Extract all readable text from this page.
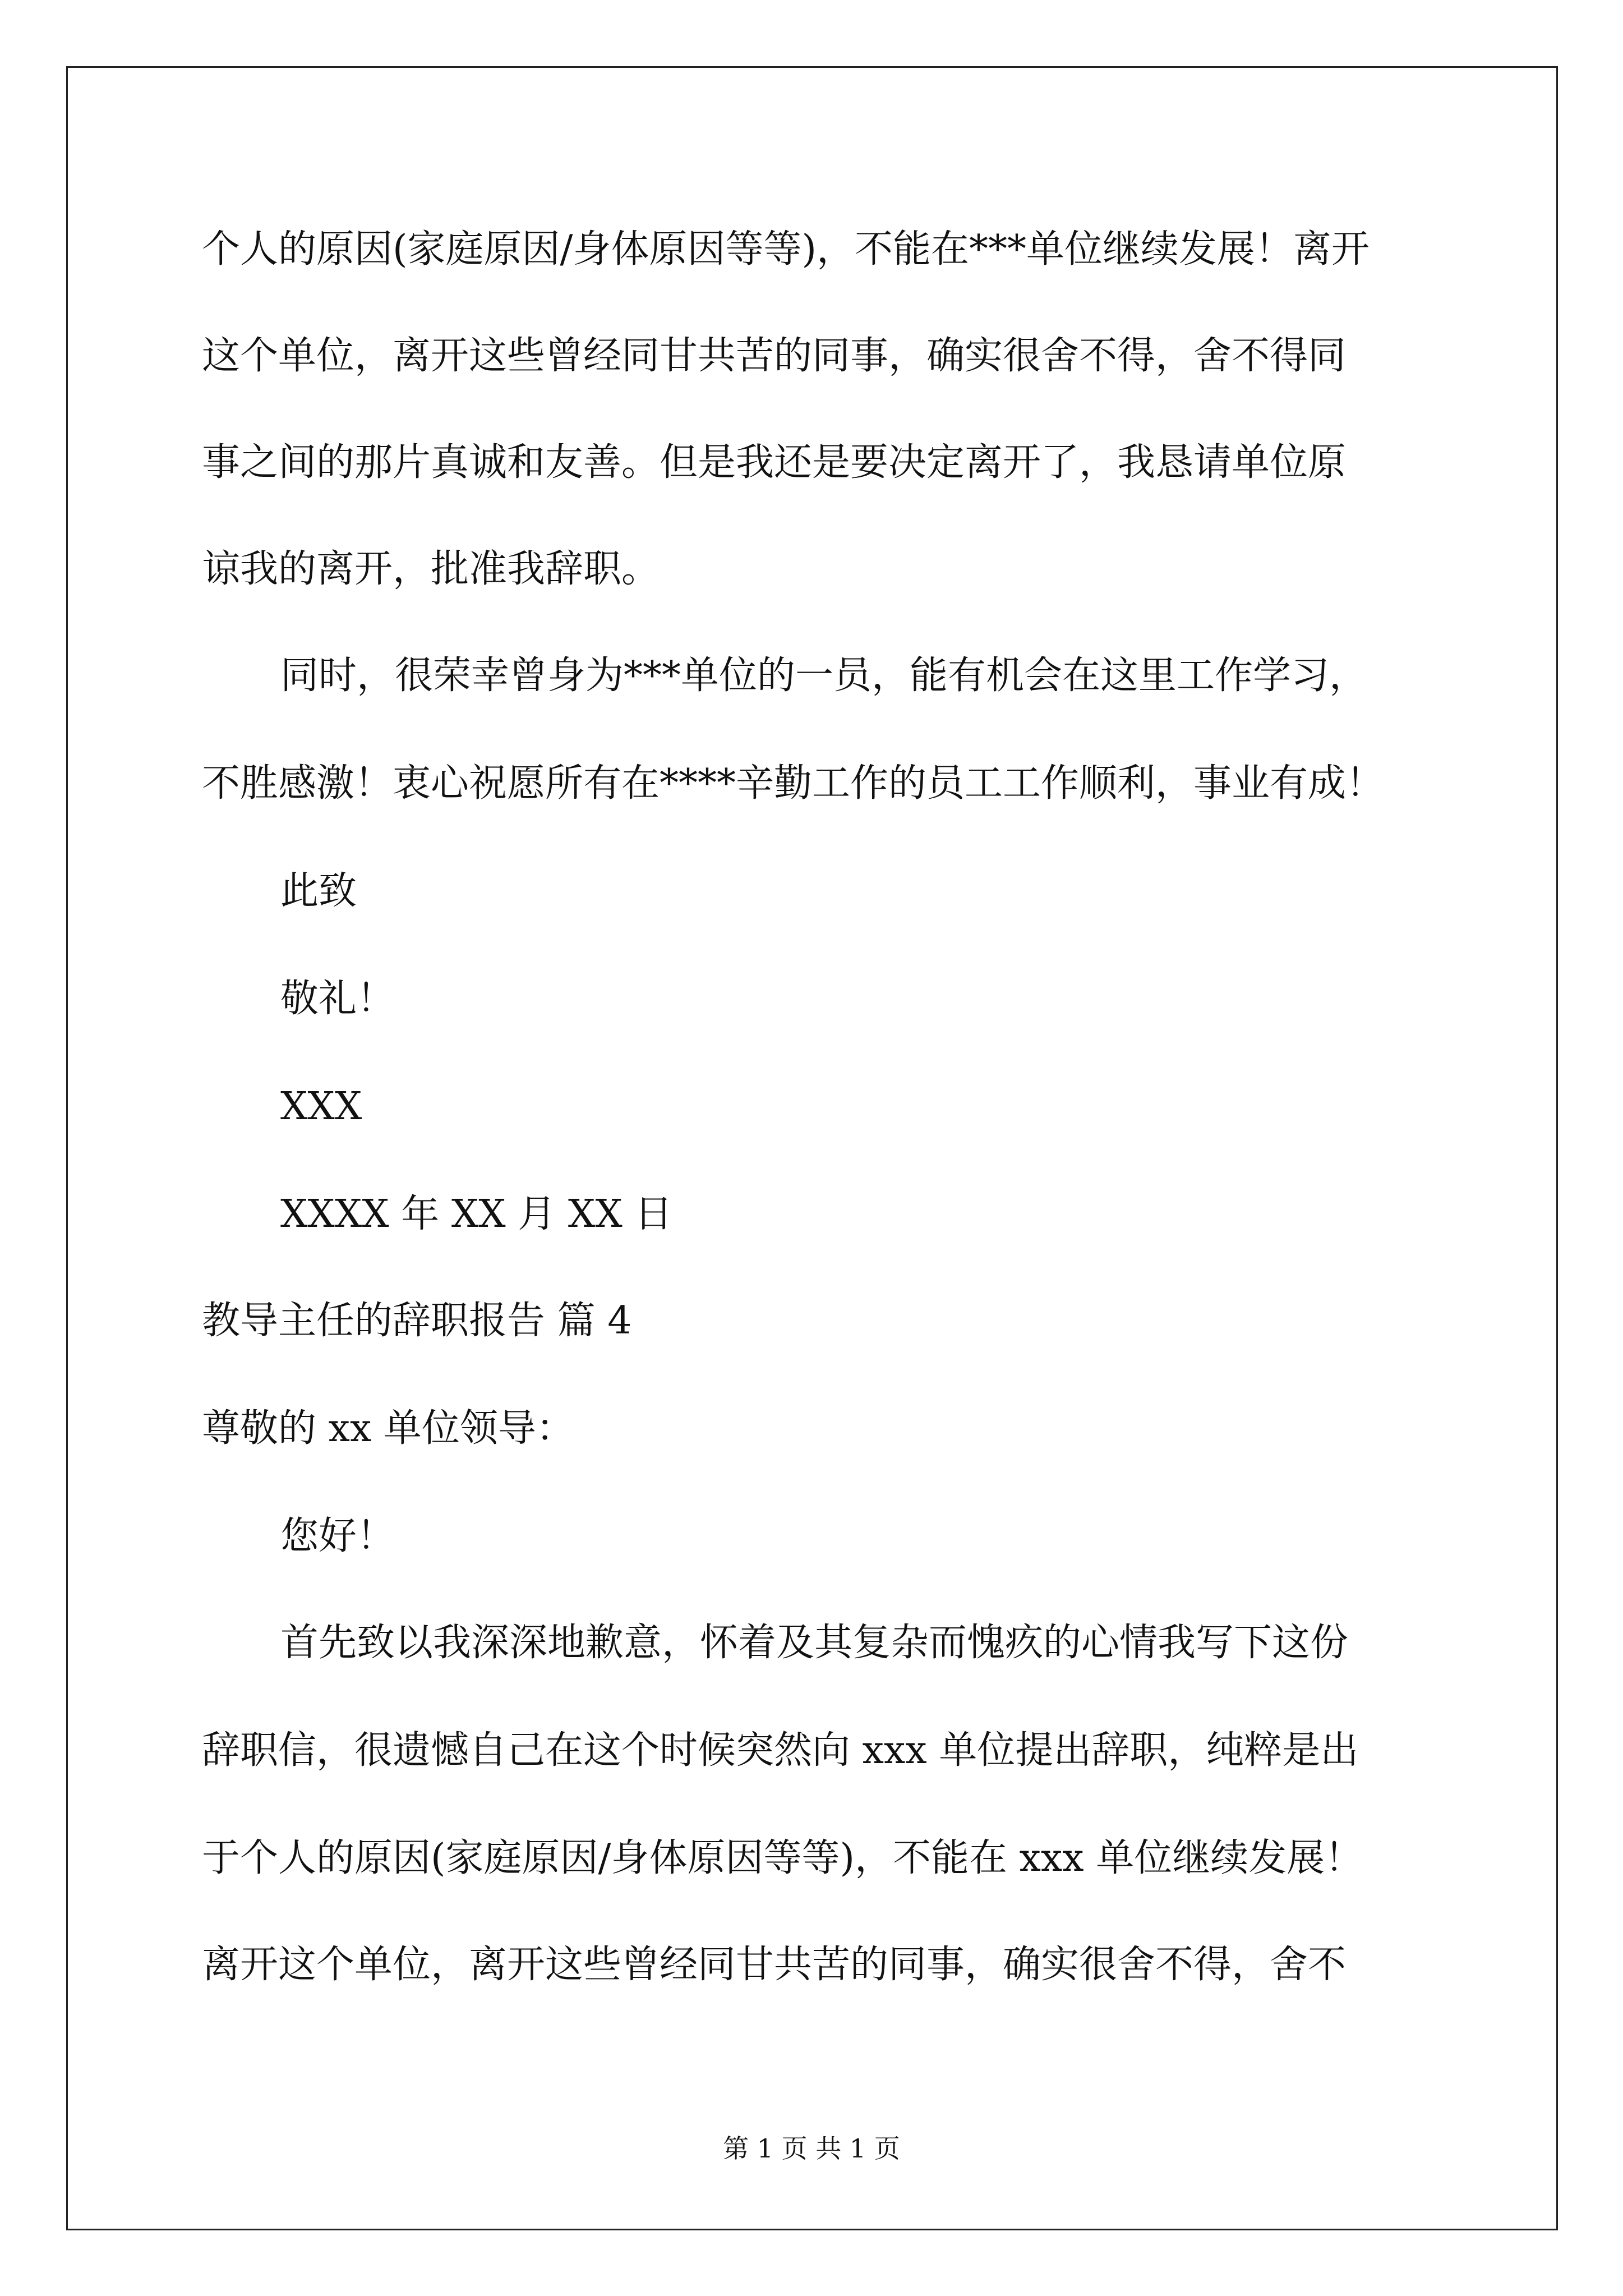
个人的原因(家庭原因/身体原因等等)，不能在***单位继续发展！离开
这个单位，离开这些曾经同甘共苦的同事，确实很舍不得，舍不得同
事之间的那片真诚和友善。但是我还是要决定离开了，我恳请单位原
谅我的离开，批准我辞职。
同时，很荣幸曾身为***单位的一员，能有机会在这里工作学习，
不胜感激！衷心祝愿所有在****辛勤工作的员工工作顺利，事业有成！
此致
敬礼！
XXX
XXXX 年 XX 月 XX 日
教导主任的辞职报告 篇 4
尊敬的 xx 单位领导：
您好！
首先致以我深深地歉意，怀着及其复杂而愧疚的心情我写下这份
辞职信，很遗憾自己在这个时候突然向 xxx 单位提出辞职，纯粹是出
于个人的原因(家庭原因/身体原因等等)，不能在 xxx 单位继续发展！
离开这个单位，离开这些曾经同甘共苦的同事，确实很舍不得，舍不
第 1 页 共 1 页
